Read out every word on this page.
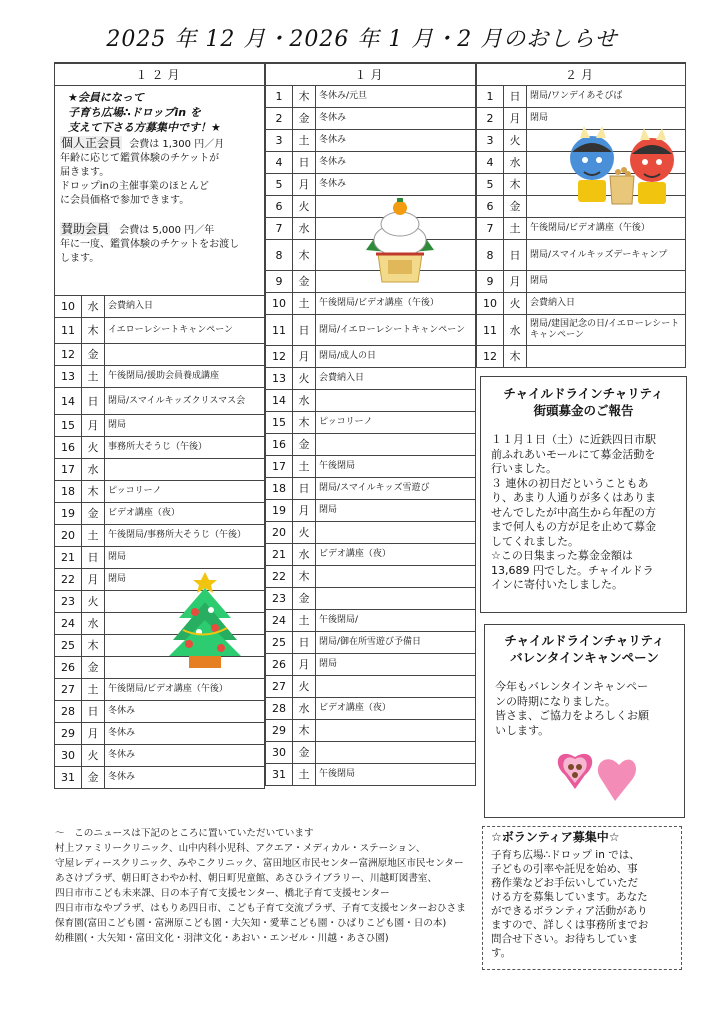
2025 年 12 月・2026 年 1 月・2 月のおしらせ
１２月		

10	水	会費納入日
11	木	イエローレシートキャンペーン
12	金	
13	土	午後閉局/援助会員養成講座
14	日	閉局/スマイルキッズクリスマス会
15	月	閉局
16	火	事務所大そうじ（午後）
17	水	
18	木	ピッコリーノ
19	金	ビデオ講座（夜）
20	土	午後閉局/事務所大そうじ（午後）
21	日	閉局
22	月	閉局
23	火	
24	水	
25	木	
26	金	
27	土	午後閉局/ビデオ講座（午後）
28	日	冬休み
29	月	冬休み
30	火	冬休み
31	金	冬休み
１月		
1	木	冬休み/元旦
2	金	冬休み
3	土	冬休み
4	日	冬休み
5	月	冬休み
6	火	
7	水	
8	木	
9	金	
10	土	午後閉局/ビデオ講座（午後）
11	日	閉局/イエローレシートキャンペーン
12	月	閉局/成人の日
13	火	会費納入日
14	水	
15	木	ピッコリーノ
16	金	
17	土	午後閉局
18	日	閉局/スマイルキッズ雪遊び
19	月	閉局
20	火	
21	水	ビデオ講座（夜）
22	木	
23	金	
24	土	午後閉局/
25	日	閉局/御在所雪遊び予備日
26	月	閉局
27	火	
28	水	ビデオ講座（夜）
29	木	
30	金	
31	土	午後閉局
２月		
1	日	閉局/ワンデイあそびば
2	月	閉局
3	火	
4	水	
5	木	
6	金	
7	土	午後閉局/ビデオ講座（午後）
8	日	閉局/スマイルキッズデーキャンプ
9	月	閉局
10	火	会費納入日
11	水	閉局/建国記念の日/イエローレシートキャンペーン
12	木	
★会員になって
子育ち広場∴ドロップin を
支えて下さる方募集中です！★
個人正会員 会費は 1,300 円／月
年齢に応じて鑑賞体験のチケットが
届きます。
ドロップinの主催事業のほとんど
に会員価格で参加できます。
賛助会員 会費は 5,000 円／年
年に一度、鑑賞体験のチケットをお渡し
します。
チャイルドラインチャリティ
街頭募金のご報告
１１月１日（土）に近鉄四日市駅
前ふれあいモールにて募金活動を
行いました。
３ 連休の初日だということもあ
り、あまり人通りが多くはありま
せんでしたが中高生から年配の方
まで何人もの方が足を止めて募金
してくれました。
☆この日集まった募金金額は
13,689 円でした。チャイルドラ
インに寄付いたしました。
チャイルドラインチャリティ
バレンタインキャンペーン
今年もバレンタインキャンペー
ンの時期になりました。
皆さま、ご協力をよろしくお願
いします。
☆ボランティア募集中☆
子育ち広場∴ドロップ in では、
子どもの引率や託児を始め、事
務作業などお手伝いしていただ
ける方を募集しています。あなた
ができるボランティア活動があり
ますので、詳しくは事務所までお
問合せ下さい。お待ちしていま
す。
～　このニュースは下記のところに置いていただいています
村上ファミリークリニック、山中内科小児科、アクエア・メディカル・ステーション、
守屋レディースクリニック、みやこクリニック、富田地区市民センター富洲原地区市民センター
あさけプラザ、朝日町さわやか村、朝日町児童館、あさひライブラリー、川越町図書室、
四日市市こども未来課、日の本子育て支援センター、橋北子育て支援センター
四日市市なやプラザ、はもりあ四日市、こども子育て交流プラザ、子育て支援センターおひさま
保育園(富田こども園・富洲原こども園・大矢知・愛華こども園・ひばりこども園・日の本)
幼稚園(・大矢知・富田文化・羽津文化・あおい・エンゼル・川越・あさひ園)
